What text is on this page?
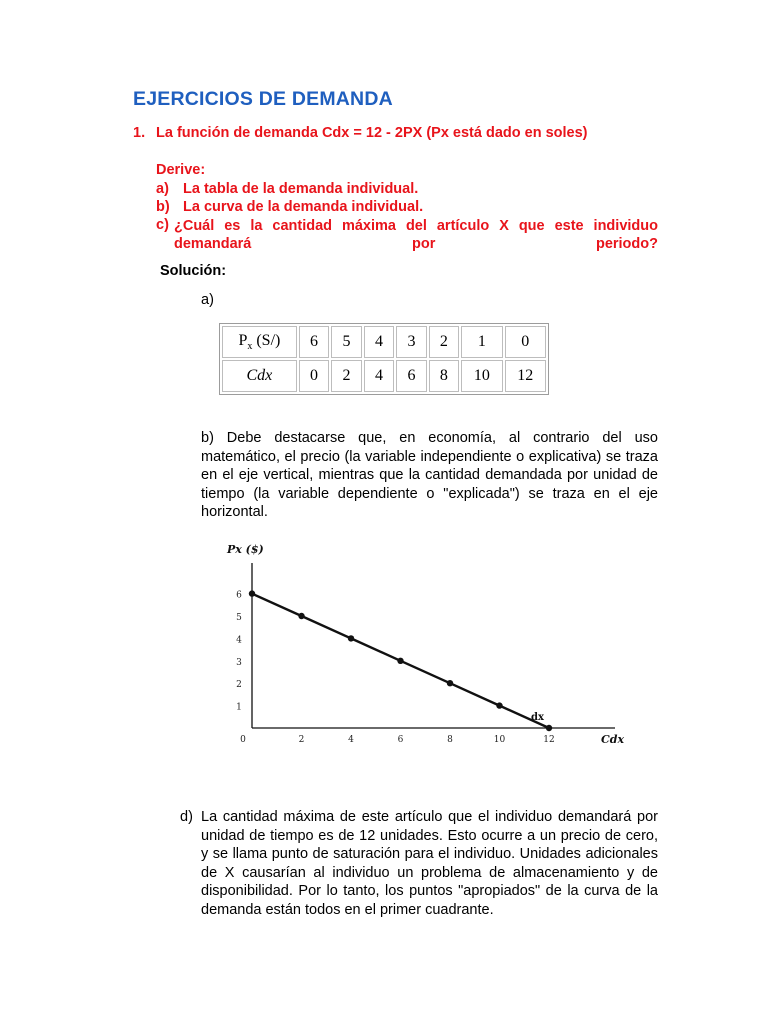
EJERCICIOS DE DEMANDA
1. La función de demanda Cdx = 12 - 2PX (Px está dado en soles)
Derive:
a) La tabla de la demanda individual.
b) La curva de la demanda individual.
c) ¿Cuál es la cantidad máxima del artículo X que este individuo demandará por periodo?
Solución:
a)
$P_x$ (S/)	6	5	4	3	2	1	0
Cdx	0	2	4	6	8	10	12
b) Debe destacarse que, en economía, al contrario del uso matemático, el precio (la variable independiente o explicativa) se traza en el eje vertical, mientras que la cantidad demandada por unidad de tiempo (la variable dependiente o "explicada") se traza en el eje horizontal.
1
2
3
4
5
6
0	2	4	6	8	10	12
Px ($)
Cdx
dx
d) La cantidad máxima de este artículo que el individuo demandará por unidad de tiempo es de 12 unidades. Esto ocurre a un precio de cero, y se llama punto de saturación para el individuo. Unidades adicionales de X causarían al individuo un problema de almacenamiento y de disponibilidad. Por lo tanto, los puntos "apropiados" de la curva de la demanda están todos en el primer cuadrante.
